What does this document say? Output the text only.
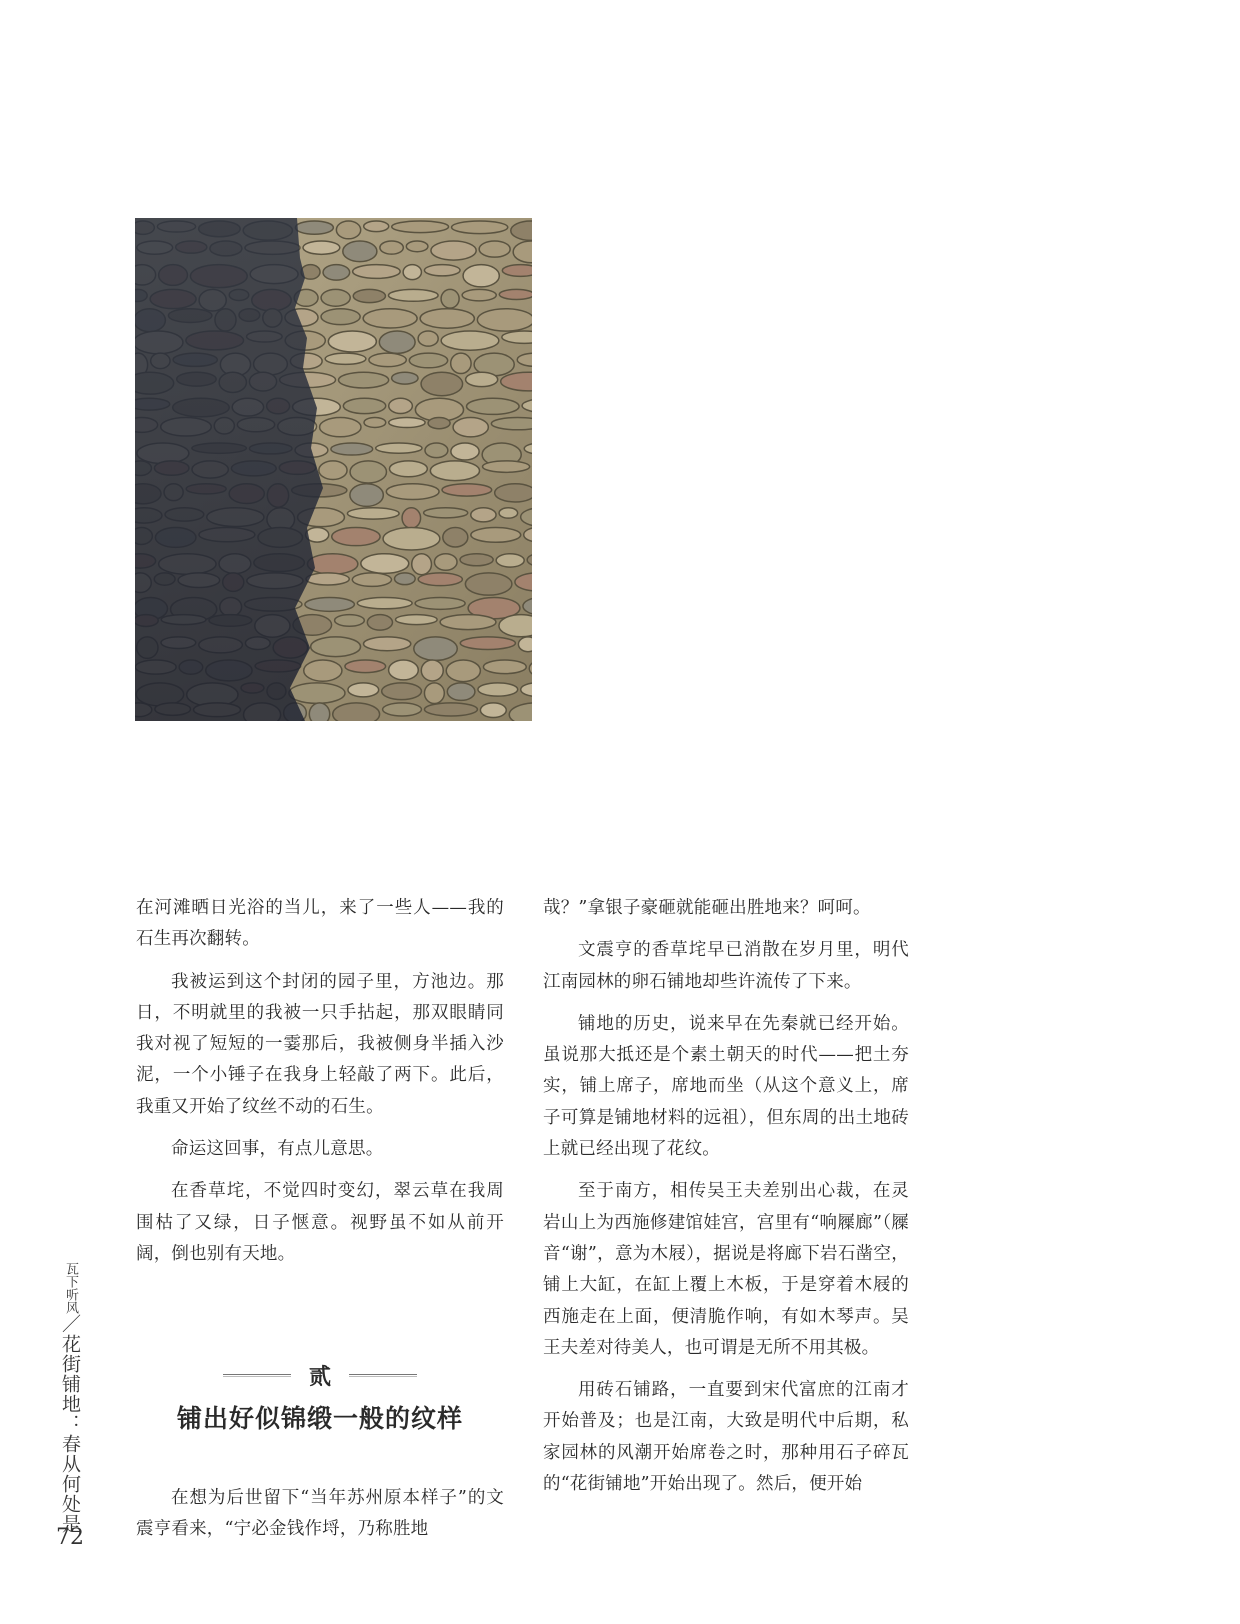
在河滩晒日光浴的当儿，来了一些人——我的石生再次翻转。

我被运到这个封闭的园子里，方池边。那日，不明就里的我被一只手拈起，那双眼睛同我对视了短短的一霎那后，我被侧身半插入沙泥，一个小锤子在我身上轻敲了两下。此后，我重又开始了纹丝不动的石生。

命运这回事，有点儿意思。

在香草垞，不觉四时变幻，翠云草在我周围枯了又绿，日子惬意。视野虽不如从前开阔，倒也别有天地。

贰
铺出好似锦缎一般的纹样

在想为后世留下“当年苏州原本样子”的文震亨看来，“宁必金钱作埒，乃称胜地

哉？”拿银子豪砸就能砸出胜地来？呵呵。

文震亨的香草垞早已消散在岁月里，明代江南园林的卵石铺地却些许流传了下来。

铺地的历史，说来早在先秦就已经开始。虽说那大抵还是个素土朝天的时代——把土夯实，铺上席子，席地而坐（从这个意义上，席子可算是铺地材料的远祖），但东周的出土地砖上就已经出现了花纹。

至于南方，相传吴王夫差别出心裁，在灵岩山上为西施修建馆娃宫，宫里有“响屧廊”（屧音“谢”，意为木屐），据说是将廊下岩石凿空，铺上大缸，在缸上覆上木板，于是穿着木屐的西施走在上面，便清脆作响，有如木琴声。吴王夫差对待美人，也可谓是无所不用其极。

用砖石铺路，一直要到宋代富庶的江南才开始普及；也是江南，大致是明代中后期，私家园林的风潮开始席卷之时，那种用石子碎瓦的“花街铺地”开始出现了。然后，便开始

瓦下听风／花街铺地：春从何处是
72
